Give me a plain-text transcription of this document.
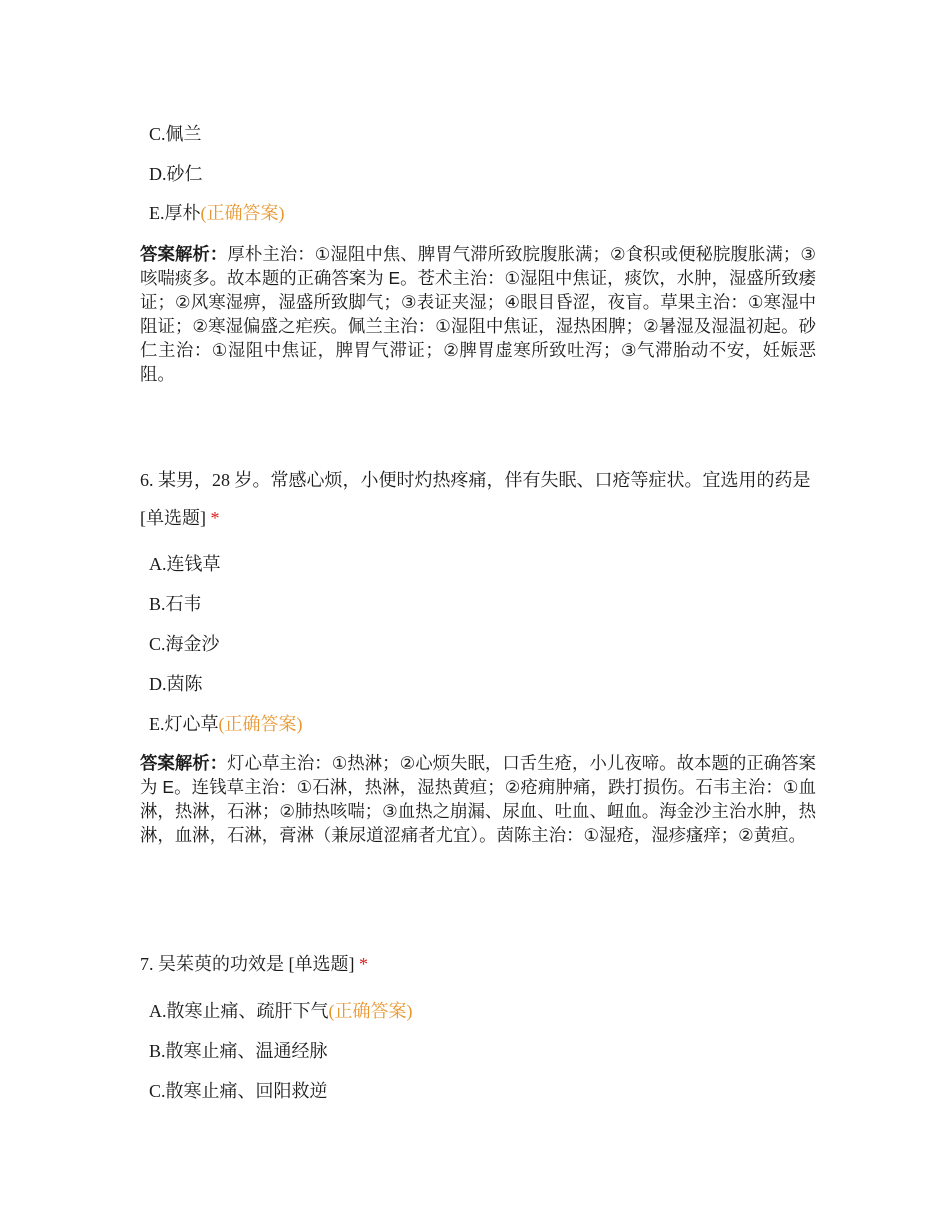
C.佩兰
D.砂仁
E.厚朴(正确答案)

答案解析：厚朴主治：①湿阻中焦、脾胃气滞所致脘腹胀满；②食积或便秘脘腹胀满；③咳喘痰多。故本题的正确答案为 E。苍术主治：①湿阻中焦证，痰饮，水肿，湿盛所致痿证；②风寒湿痹，湿盛所致脚气；③表证夹湿；④眼目昏涩，夜盲。草果主治：①寒湿中阻证；②寒湿偏盛之疟疾。佩兰主治：①湿阻中焦证，湿热困脾；②暑湿及湿温初起。砂仁主治：①湿阻中焦证，脾胃气滞证；②脾胃虚寒所致吐泻；③气滞胎动不安，妊娠恶阻。

6. 某男，28 岁。常感心烦，小便时灼热疼痛，伴有失眠、口疮等症状。宜选用的药是 [单选题] *

A.连钱草
B.石韦
C.海金沙
D.茵陈
E.灯心草(正确答案)

答案解析：灯心草主治：①热淋；②心烦失眠，口舌生疮，小儿夜啼。故本题的正确答案为 E。连钱草主治：①石淋，热淋，湿热黄疸；②疮痈肿痛，跌打损伤。石韦主治：①血淋，热淋，石淋；②肺热咳喘；③血热之崩漏、尿血、吐血、衄血。海金沙主治水肿，热淋，血淋，石淋，膏淋（兼尿道涩痛者尤宜）。茵陈主治：①湿疮，湿疹瘙痒；②黄疸。

7. 吴茱萸的功效是 [单选题] *

A.散寒止痛、疏肝下气(正确答案)
B.散寒止痛、温通经脉
C.散寒止痛、回阳救逆
